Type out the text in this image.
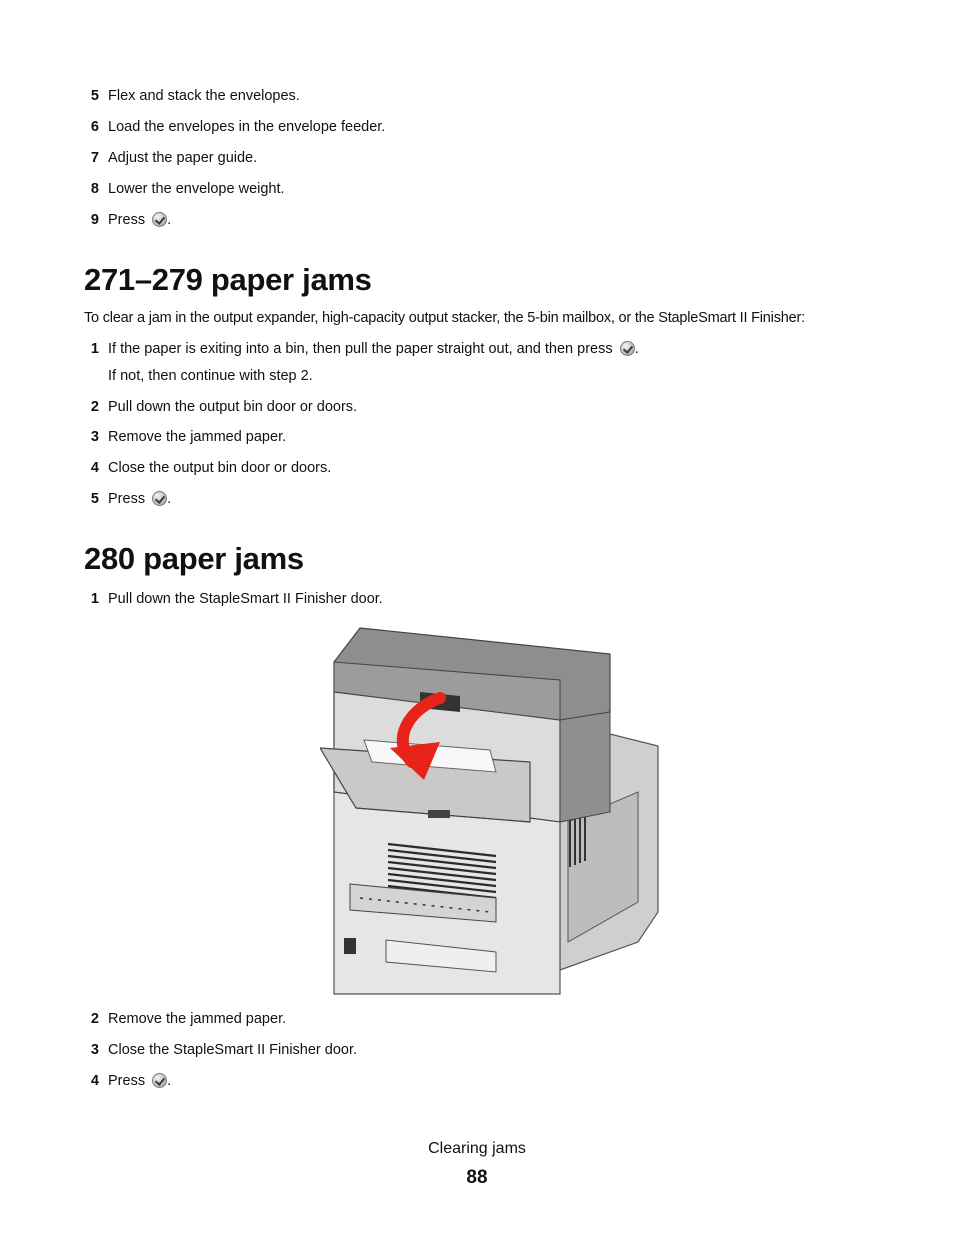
5 Flex and stack the envelopes.
6 Load the envelopes in the envelope feeder.
7 Adjust the paper guide.
8 Lower the envelope weight.
9 Press .
271–279 paper jams
To clear a jam in the output expander, high-capacity output stacker, the 5-bin mailbox, or the StapleSmart II Finisher:
1 If the paper is exiting into a bin, then pull the paper straight out, and then press .
If not, then continue with step 2.
2 Pull down the output bin door or doors.
3 Remove the jammed paper.
4 Close the output bin door or doors.
5 Press .
280 paper jams
1 Pull down the StapleSmart II Finisher door.
2 Remove the jammed paper.
3 Close the StapleSmart II Finisher door.
4 Press .
Clearing jams
88
